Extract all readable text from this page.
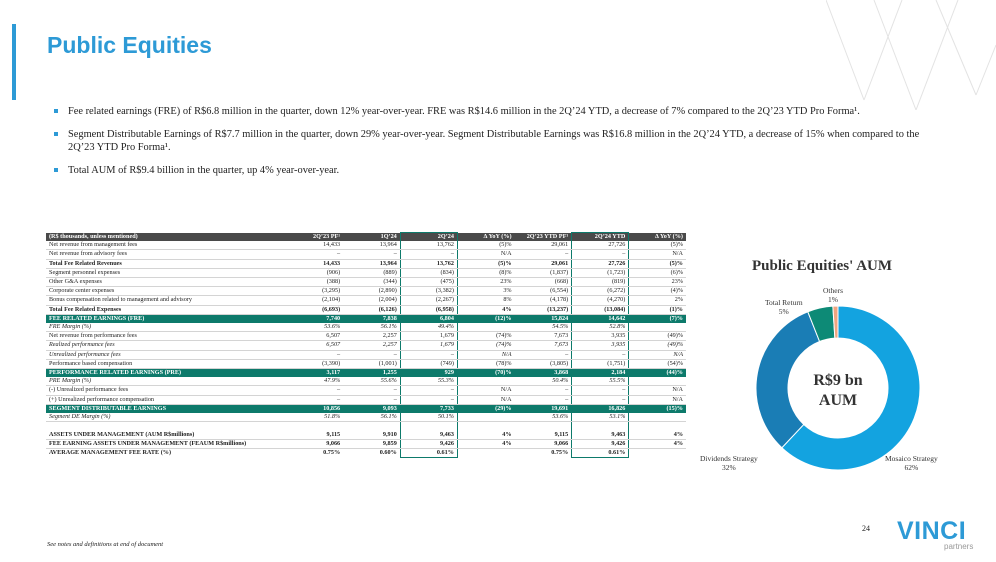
Public Equities
Fee related earnings (FRE) of R$6.8 million in the quarter, down 12% year-over-year. FRE was R$14.6 million in the 2Q’24 YTD, a decrease of 7% compared to the 2Q’23 YTD Pro Forma¹.
Segment Distributable Earnings of R$7.7 million in the quarter, down 29% year-over-year. Segment Distributable Earnings was R$16.8 million in the 2Q’24 YTD, a decrease of 15% when compared to the 2Q’23 YTD Pro Forma¹.
Total AUM of R$9.4 billion in the quarter, up 4% year-over-year.
(R$ thousands, unless mentioned)	2Q’23 PF¹	1Q’24	2Q’24	Δ YoY (%)	2Q’23 YTD PF¹	2Q’24 YTD	Δ YoY (%)
Net revenue from management fees	14,433	13,964	13,762	(5)%	29,061	27,726	(5)%
Net revenue from advisory fees	–	–	–	N/A	–	–	N/A
Total Fee Related Revenues	14,433	13,964	13,762	(5)%	29,061	27,726	(5)%
Segment personnel expenses	(906)	(889)	(834)	(8)%	(1,837)	(1,723)	(6)%
Other G&A expenses	(388)	(344)	(475)	23%	(668)	(819)	23%
Corporate center expenses	(3,295)	(2,890)	(3,382)	3%	(6,554)	(6,272)	(4)%
Bonus compensation related to management and advisory	(2,104)	(2,004)	(2,267)	8%	(4,178)	(4,270)	2%
Total Fee Related Expenses	(6,693)	(6,126)	(6,958)	4%	(13,237)	(13,084)	(1)%
FEE RELATED EARNINGS (FRE)	7,740	7,838	6,804	(12)%	15,824	14,642	(7)%
FRE Margin (%)	53.6%	56.1%	49.4%		54.5%	52.8%	
Net revenue from performance fees	6,507	2,257	1,679	(74)%	7,673	3,935	(49)%
Realized performance fees	6,507	2,257	1,679	(74)%	7,673	3,935	(49)%
Unrealized performance fees	–	–	–	N/A	–	–	N/A
Performance based compensation	(3,390)	(1,001)	(749)	(78)%	(3,805)	(1,751)	(54)%
PERFORMANCE RELATED EARNINGS (PRE)	3,117	1,255	929	(70)%	3,868	2,184	(44)%
PRE Margin (%)	47.9%	55.6%	55.3%		50.4%	55.5%	
(-) Unrealized performance fees	–	–	–	N/A	–	–	N/A
(+) Unrealized performance compensation	–	–	–	N/A	–	–	N/A
SEGMENT DISTRIBUTABLE EARNINGS	10,856	9,093	7,733	(29)%	19,691	16,826	(15)%
Segment DE Margin (%)	51.8%	56.1%	50.1%		53.6%	53.1%	

ASSETS UNDER MANAGEMENT (AUM R$millions)	9,115	9,910	9,463	4%	9,115	9,463	4%
FEE EARNING ASSETS UNDER MANAGEMENT (FEAUM R$millions)	9,066	9,859	9,426	4%	9,066	9,426	4%
AVERAGE MANAGEMENT FEE RATE (%)	0.75%	0.60%	0.61%		0.75%	0.61%	
See notes and definitions at end of document
Public Equities' AUM
R$9 bn
AUM
Mosaico Strategy
62%
Dividends Strategy
32%
Total Return
5%
Others
1%
24 VINCI
partners
